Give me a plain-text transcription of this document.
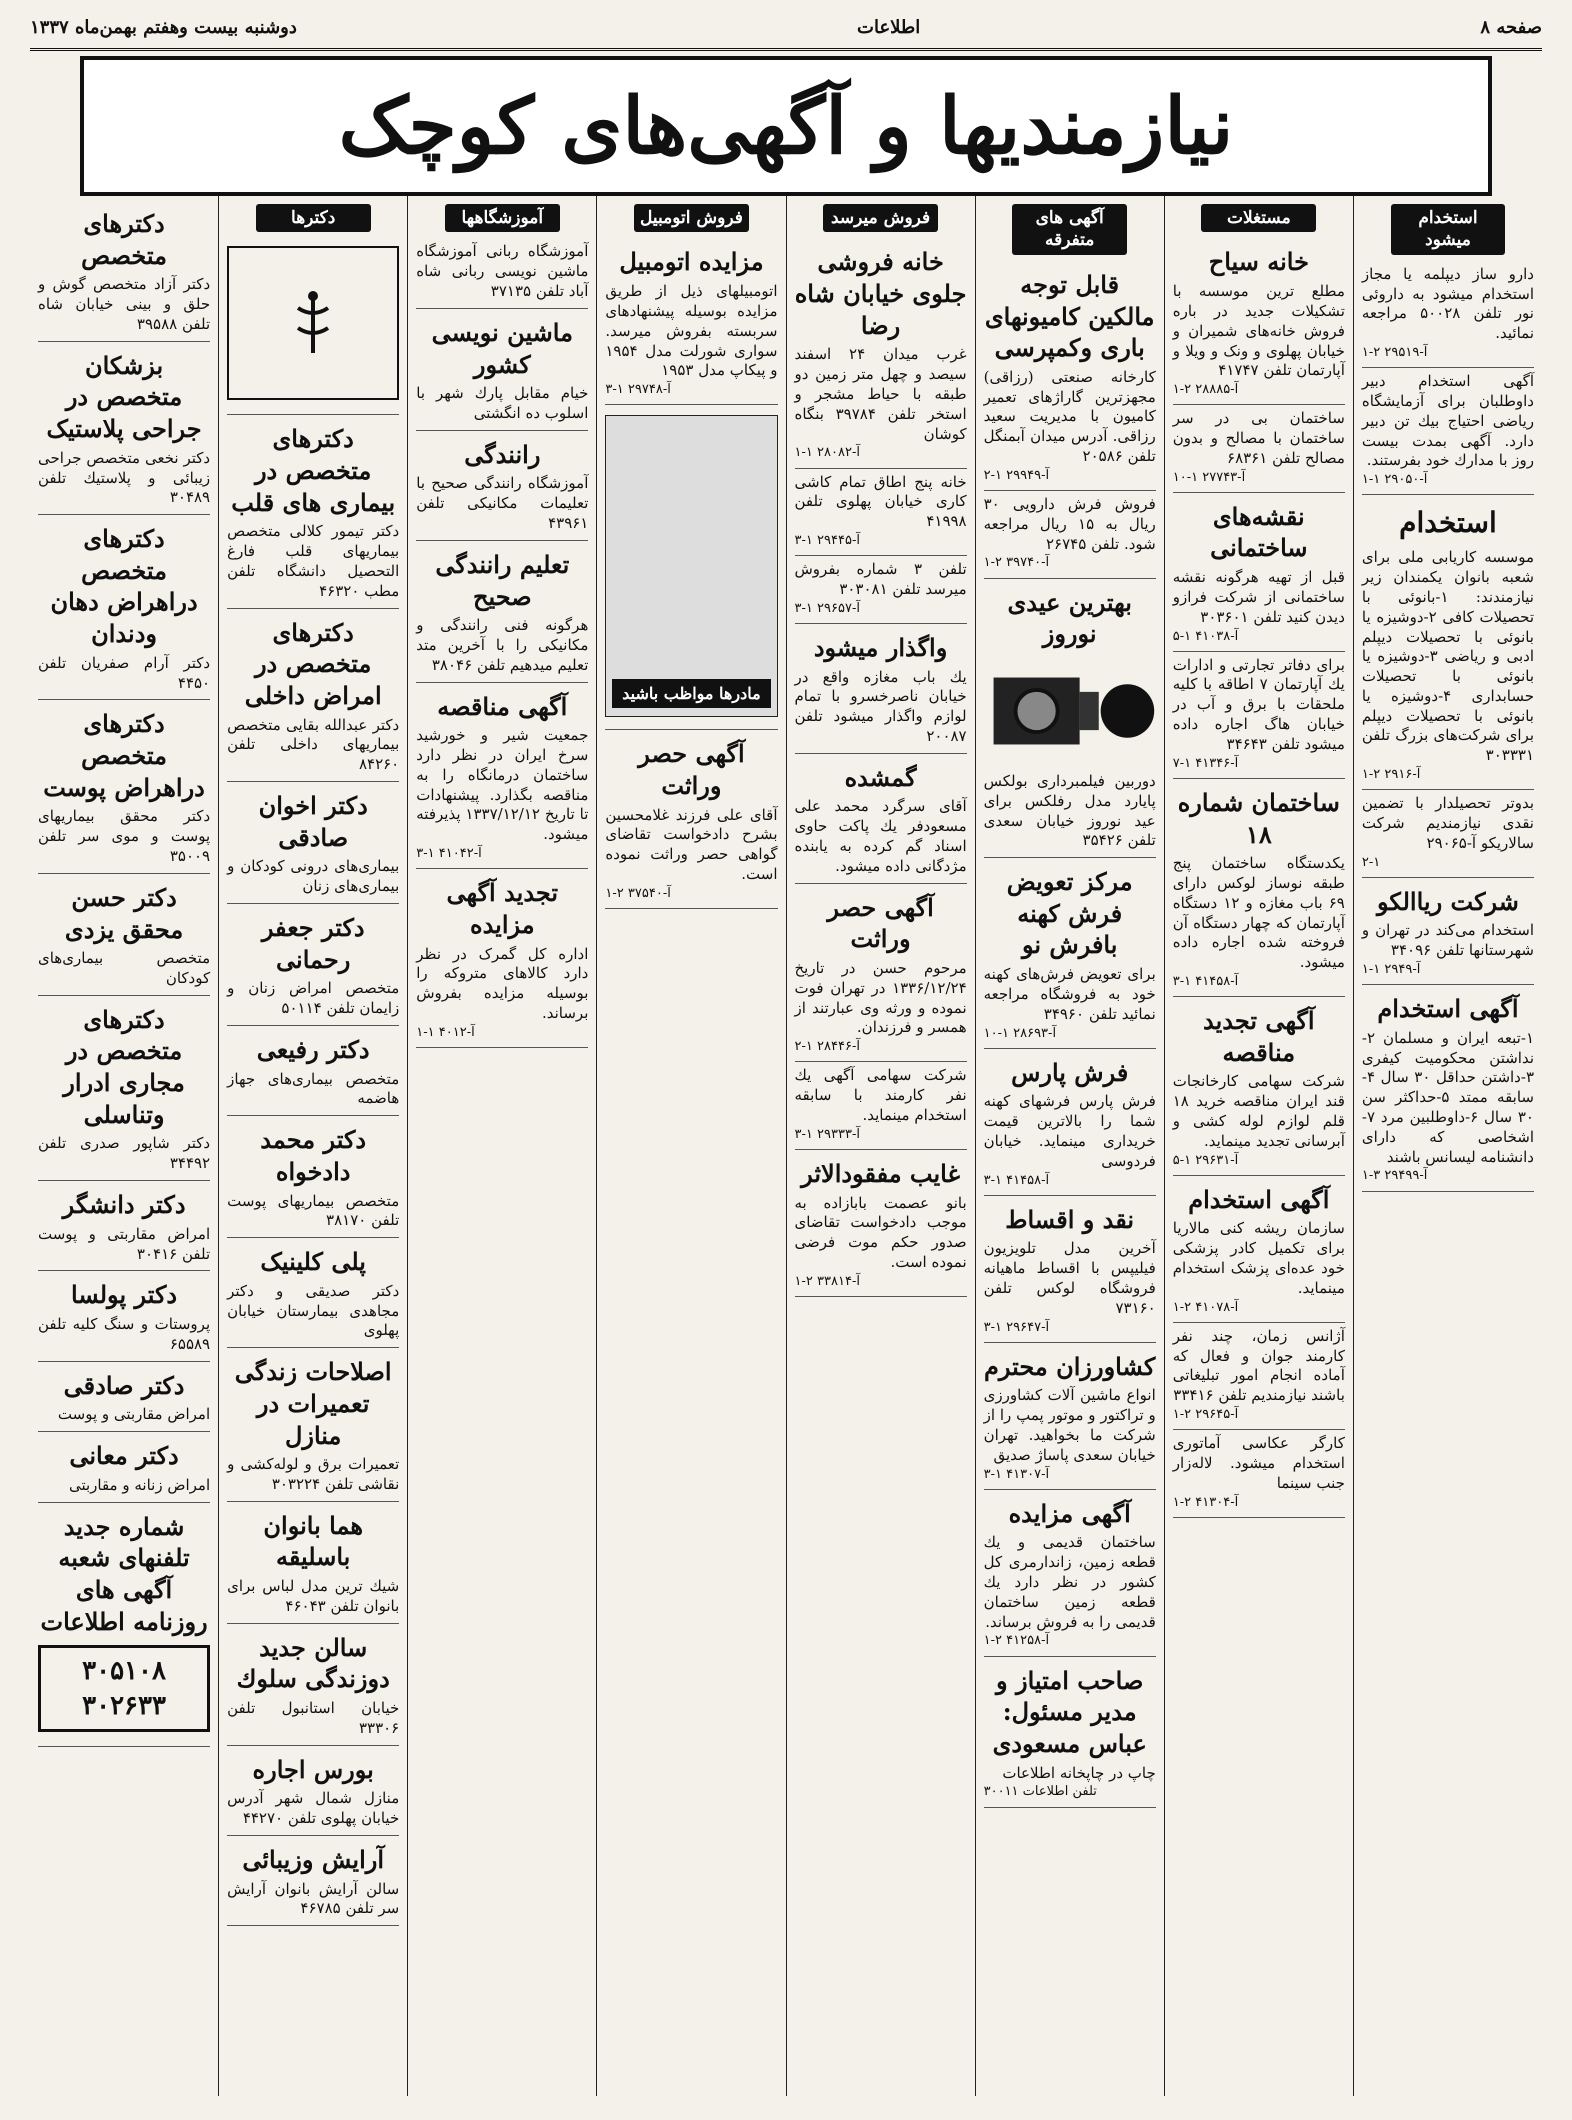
صفحه ۸
اطلاعات
دوشنبه بیست وهفتم بهمن‌ماه ۱۳۳۷
نیازمندیها و آگهی‌های کوچک
استخدام میشود
دارو ساز دیپلمه یا مجاز استخدام میشود به داروئی نور تلفن ۵۰۰۲۸ مراجعه نمائید.
آ-۲۹۵۱۹ ۲-۱
آگهی استخدام دبیر داوطلبان برای آزمایشگاه ریاضی احتیاج بیك تن دبیر دارد. آگهی بمدت بیست روز با مدارك خود بفرستند.
آ-۲۹۰۵۰ ۱-۱
استخدام
موسسه کاریابی ملی برای شعبه بانوان یکمندان زیر نیازمندند: ۱-بانوئی با تحصیلات کافی ۲-دوشیزه یا بانوئی با تحصیلات دیپلم ادبی و ریاضی ۳-دوشیزه یا بانوئی با تحصیلات حسابداری ۴-دوشیزه یا بانوئی با تحصیلات دیپلم برای شرکت‌های بزرگ تلفن ۳۰۳۳۳۱
آ-۲۹۱۶ ۲-۱
بدوتر تحصیلدار با تضمین نقدی نیازمندیم شرکت سالاریکو آ-۲۹۰۶۵
۲-۱
شرکت ریاالکو
استخدام می‌کند در تهران و شهرستانها تلفن ۳۴۰۹۶
آ-۲۹۴۹ ۱-۱
آگهی استخدام
۱-تبعه ایران و مسلمان ۲-نداشتن محکومیت کیفری ۳-داشتن حداقل ۳۰ سال ۴-سابقه ممتد ۵-حداکثر سن ۳۰ سال ۶-داوطلبین مرد ۷-اشخاصی که دارای دانشنامه لیسانس باشند
آ-۲۹۴۹۹ ۳-۱
مستغلات
خانه سیاح
مطلع ترین موسسه با تشکیلات جدید در باره فروش خانه‌های شمیران و خیابان پهلوی و ونک و ویلا و آپارتمان تلفن ۴۱۷۴۷
آ-۲۸۸۸۵ ۲-۱
ساختمان بی در سر ساختمان با مصالح و بدون مصالح تلفن ۶۸۳۶۱
آ-۲۷۷۴۳ ۱-۱۰
نقشه‌های ساختمانی
قبل از تهیه هرگونه نقشه ساختمانی از شرکت فرازو دیدن کنید تلفن ۳۰۳۶۰۱
آ-۴۱۰۳۸ ۱-۵
برای دفاتر تجارتی و ادارات یك آپارتمان ۷ اطاقه با کلیه ملحقات با برق و آب در خیابان هاگ اجاره داده میشود تلفن ۳۴۶۴۳
آ-۴۱۳۴۶ ۱-۷
ساختمان شماره ۱۸
یکدستگاه ساختمان پنج طبقه نوساز لوکس دارای ۶۹ باب مغازه و ۱۲ دستگاه آپارتمان که چهار دستگاه آن فروخته شده اجاره داده میشود.
آ-۴۱۴۵۸ ۱-۳
آگهی تجدید مناقصه
شرکت سهامی کارخانجات قند ایران مناقصه خرید ۱۸ قلم لوازم لوله کشی و آبرسانی تجدید مینماید.
آ-۲۹۶۳۱ ۱-۵
آگهی استخدام
سازمان ریشه کنی مالاریا برای تکمیل کادر پزشکی خود عده‌ای پزشک استخدام مینماید.
آ-۴۱۰۷۸ ۲-۱
آژانس زمان، چند نفر کارمند جوان و فعال که آماده انجام امور تبلیغاتی باشند نیازمندیم تلفن ۳۳۴۱۶
آ-۲۹۶۴۵ ۲-۱
کارگر عکاسی آماتوری استخدام میشود. لاله‌زار جنب سینما
آ-۴۱۳۰۴ ۲-۱
آگهی های متفرقه
قابل توجه مالکین کامیونهای باری وکمپرسی
کارخانه صنعتی (رزاقی) مجهزترین گاراژهای تعمیر کامیون با مدیریت سعید رزاقی. آدرس میدان آبمنگل تلفن ۲۰۵۸۶
آ-۲۹۹۴۹ ۱-۲
فروش فرش دارویی ۳۰ ریال به ۱۵ ریال مراجعه شود. تلفن ۲۶۷۴۵
آ-۳۹۷۴۰ ۲-۱
بهترین عیدی نوروز
دوربین فیلمبرداری بولکس پایارد مدل رفلکس برای عید نوروز خیابان سعدی تلفن ۳۵۴۲۶
مرکز تعویض فرش کهنه بافرش نو
برای تعویض فرش‌های کهنه خود به فروشگاه مراجعه نمائید تلفن ۳۴۹۶۰
آ-۲۸۶۹۳ ۱-۱۰
فرش پارس
فرش پارس فرشهای کهنه شما را بالاترین قیمت خریداری مینماید. خیابان فردوسی
آ-۴۱۴۵۸ ۱-۳
نقد و اقساط
آخرین مدل تلویزیون فیلیپس با اقساط ماهیانه فروشگاه لوکس تلفن ۷۳۱۶۰
آ-۲۹۶۴۷ ۱-۳
کشاورزان محترم
انواع ماشین آلات کشاورزی و تراکتور و موتور پمپ را از شرکت ما بخواهید. تهران خیابان سعدی پاساژ صدیق
آ-۴۱۳۰۷ ۱-۳
آگهی مزایده
ساختمان قدیمی و یك قطعه زمین، زاندارمری کل کشور در نظر دارد یك قطعه زمین ساختمان قدیمی را به فروش برساند.
آ-۴۱۲۵۸ ۲-۱
صاحب امتیاز و مدیر مسئول: عباس مسعودی
چاپ در چاپخانه اطلاعات
تلفن اطلاعات ۳۰۰۱۱
فروش میرسد
خانه فروشی جلوی خیابان شاه رضا
غرب میدان ۲۴ اسفند سیصد و چهل متر زمین دو طبقه با حیاط مشجر و استخر تلفن ۳۹۷۸۴ بنگاه کوشان
آ-۲۸۰۸۲ ۱-۱
خانه پنج اطاق تمام کاشی کاری خیابان پهلوی تلفن ۴۱۹۹۸
آ-۲۹۴۴۵ ۱-۳
تلفن ۳ شماره بفروش میرسد تلفن ۳۰۳۰۸۱
آ-۲۹۶۵۷ ۱-۳
واگذار میشود
يك باب مغازه واقع در خیابان ناصرخسرو با تمام لوازم واگذار میشود تلفن ۲۰۰۸۷
گمشده
آقای سرگرد محمد علی مسعودفر يك پاكت حاوی اسناد گم کرده به یابنده مژدگانی داده میشود.
آگهی حصر وراثت
مرحوم حسن در تاریخ ۱۳۳۶/۱۲/۲۴ در تهران فوت نموده و ورثه وی عبارتند از همسر و فرزندان.
آ-۲۸۴۴۶ ۱-۲
شرکت سهامی آگهی يك نفر کارمند با سابقه استخدام مینماید.
آ-۲۹۳۳۳ ۱-۳
غایب مفقودالاثر
بانو عصمت بابا‌زاده به موجب دادخواست تقاضای صدور حکم موت فرضی نموده است.
آ-۳۳۸۱۴ ۲-۱
فروش اتومبیل
مزایده اتومبیل
اتومبیلهای ذیل از طریق مزایده بوسیله پیشنهادهای سربسته بفروش میرسد. سواری شورلت مدل ۱۹۵۴ و پیکاپ مدل ۱۹۵۳
آ-۲۹۷۴۸ ۱-۳
مادرها مواظب باشید
آگهی حصر وراثت
آقای علی فرزند غلامحسین بشرح دادخواست تقاضای گواهی حصر وراثت نموده است.
آ-۳۷۵۴۰ ۲-۱
آموزشگاهها
آموزشگاه ربانی آموزشگاه ماشین نویسی ربانی شاه آباد تلفن ۳۷۱۳۵
ماشین نویسی کشور
خیام مقابل پارك شهر با اسلوب ده انگشتی
رانندگی
آموزشگاه رانندگی صحیح با تعلیمات مکانیکی تلفن ۴۳۹۶۱
تعلیم رانندگی صحیح
هرگونه فنی رانندگی و مکانیکی را با آخرین متد تعلیم میدهیم تلفن ۳۸۰۴۶
آگهی مناقصه
جمعیت شیر و خورشید سرخ ایران در نظر دارد ساختمان درمانگاه را به مناقصه بگذارد. پیشنهادات تا تاریخ ۱۳۳۷/۱۲/۱۲ پذیرفته میشود.
آ-۴۱۰۴۲ ۱-۳
تجدید آگهی مزایده
اداره کل گمرک در نظر دارد کالاهای متروکه را بوسیله مزایده بفروش برساند.
آ-۴۰۱۲ ۱-۱
دکترها
دکترهای متخصص در بیماری های قلب
دکتر تیمور کلالی متخصص بیماریهای قلب فارغ التحصیل دانشگاه تلفن مطب ۴۶۳۲۰
دکترهای متخصص در امراض داخلی
دکتر عبدالله بقایی متخصص بیماریهای داخلی تلفن ۸۴۲۶۰
دکتر اخوان صادقی
بیماری‌های درونی کودکان و بیماری‌های زنان
دکتر جعفر رحمانی
متخصص امراض زنان و زایمان تلفن ۵۰۱۱۴
دکتر رفیعی
متخصص بیماری‌های جهاز هاضمه
دکتر محمد دادخواه
متخصص بیماریهای پوست تلفن ۳۸۱۷۰
پلی کلینیک
دکتر صدیقی و دکتر مجاهدی بیمارستان خیابان پهلوی
اصلاحات زندگی تعمیرات در منازل
تعمیرات برق و لوله‌کشی و نقاشی تلفن ۳۰۳۲۲۴
هما بانوان باسلیقه
شیك ترین مدل لباس برای بانوان تلفن ۴۶۰۴۳
سالن جدید دوزندگی سلوك
خیابان استانبول تلفن ۳۳۳۰۶
بورس اجاره
منازل شمال شهر آدرس خیابان پهلوی تلفن ۴۴۲۷۰
آرایش وزیبائی
سالن آرایش بانوان آرایش سر تلفن ۴۶۷۸۵
دکترهای متخصص
دکتر آزاد متخصص گوش و حلق و بینی خیابان شاه تلفن ۳۹۵۸۸
بزشکان متخصص در جراحی پلاستیک
دکتر نخعی متخصص جراحی زیبائی و پلاستیك تلفن ۳۰۴۸۹
دکترهای متخصص دراهراض دهان ودندان
دکتر آرام صفریان تلفن ۴۴۵۰
دکترهای متخصص دراهراض پوست
دکتر محقق بیماریهای پوست و موی سر تلفن ۳۵۰۰۹
دکتر حسن محقق یزدی
متخصص بیماری‌های کودکان
دکترهای متخصص در مجاری ادرار وتناسلی
دکتر شاپور صدری تلفن ۳۴۴۹۲
دکتر دانشگر
امراض مقاربتی و پوست تلفن ۳۰۴۱۶
دکتر پولسا
پروستات و سنگ کلیه تلفن ۶۵۵۸۹
دکتر صادقی
امراض مقاربتی و پوست
دکتر معانی
امراض زنانه و مقاربتی
شماره جدید تلفنهای شعبه آگهی های روزنامه اطلاعات
۳۰۵۱۰۸
۳۰۲۶۳۳
